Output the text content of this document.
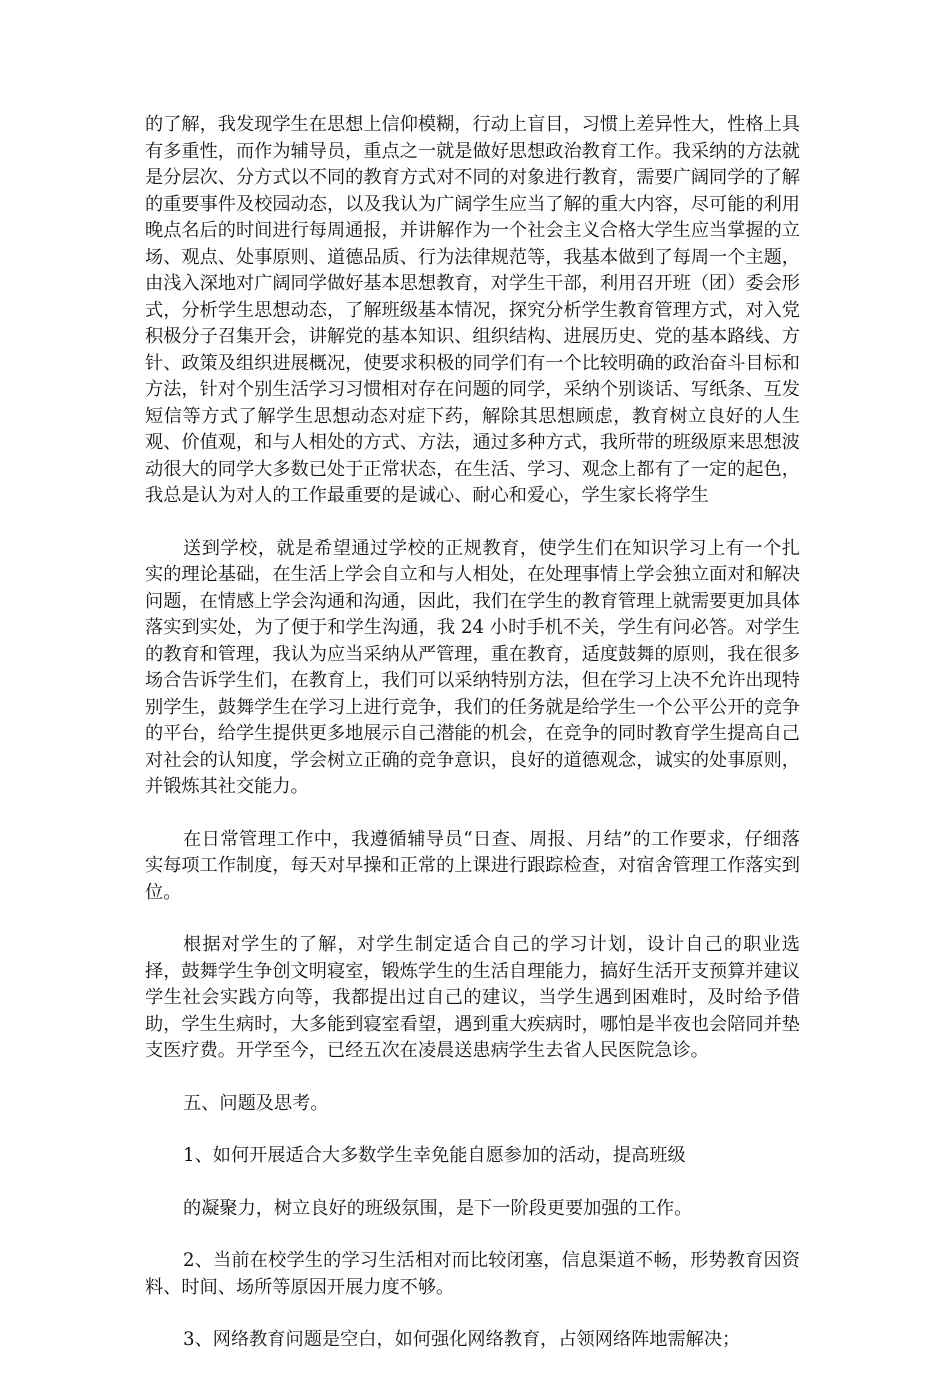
的了解，我发现学生在思想上信仰模糊，行动上盲目，习惯上差异性大，性格上具有多重性，而作为辅导员，重点之一就是做好思想政治教育工作。我采纳的方法就是分层次、分方式以不同的教育方式对不同的对象进行教育，需要广阔同学的了解的重要事件及校园动态，以及我认为广阔学生应当了解的重大内容，尽可能的利用晚点名后的时间进行每周通报，并讲解作为一个社会主义合格大学生应当掌握的立场、观点、处事原则、道德品质、行为法律规范等，我基本做到了每周一个主题，由浅入深地对广阔同学做好基本思想教育，对学生干部，利用召开班（团）委会形式，分析学生思想动态，了解班级基本情况，探究分析学生教育管理方式，对入党积极分子召集开会，讲解党的基本知识、组织结构、进展历史、党的基本路线、方针、政策及组织进展概况，使要求积极的同学们有一个比较明确的政治奋斗目标和方法，针对个别生活学习习惯相对存在问题的同学，采纳个别谈话、写纸条、互发短信等方式了解学生思想动态对症下药，解除其思想顾虑，教育树立良好的人生观、价值观，和与人相处的方式、方法，通过多种方式，我所带的班级原来思想波动很大的同学大多数已处于正常状态，在生活、学习、观念上都有了一定的起色，我总是认为对人的工作最重要的是诚心、耐心和爱心，学生家长将学生

送到学校，就是希望通过学校的正规教育，使学生们在知识学习上有一个扎实的理论基础，在生活上学会自立和与人相处，在处理事情上学会独立面对和解决问题，在情感上学会沟通和沟通，因此，我们在学生的教育管理上就需要更加具体落实到实处，为了便于和学生沟通，我 24 小时手机不关，学生有问必答。对学生的教育和管理，我认为应当采纳从严管理，重在教育，适度鼓舞的原则，我在很多场合告诉学生们，在教育上，我们可以采纳特别方法，但在学习上决不允许出现特别学生，鼓舞学生在学习上进行竞争，我们的任务就是给学生一个公平公开的竞争的平台，给学生提供更多地展示自己潜能的机会，在竞争的同时教育学生提高自己对社会的认知度，学会树立正确的竞争意识，良好的道德观念，诚实的处事原则，并锻炼其社交能力。

在日常管理工作中，我遵循辅导员“日查、周报、月结”的工作要求，仔细落实每项工作制度，每天对早操和正常的上课进行跟踪检查，对宿舍管理工作落实到位。

根据对学生的了解，对学生制定适合自己的学习计划，设计自己的职业选择，鼓舞学生争创文明寝室，锻炼学生的生活自理能力，搞好生活开支预算并建议学生社会实践方向等，我都提出过自己的建议，当学生遇到困难时，及时给予借助，学生生病时，大多能到寝室看望，遇到重大疾病时，哪怕是半夜也会陪同并垫支医疗费。开学至今，已经五次在凌晨送患病学生去省人民医院急诊。

五、问题及思考。

1、如何开展适合大多数学生幸免能自愿参加的活动，提高班级

的凝聚力，树立良好的班级氛围，是下一阶段更要加强的工作。

2、当前在校学生的学习生活相对而比较闭塞，信息渠道不畅，形势教育因资料、时间、场所等原因开展力度不够。

3、网络教育问题是空白，如何强化网络教育，占领网络阵地需解决；
